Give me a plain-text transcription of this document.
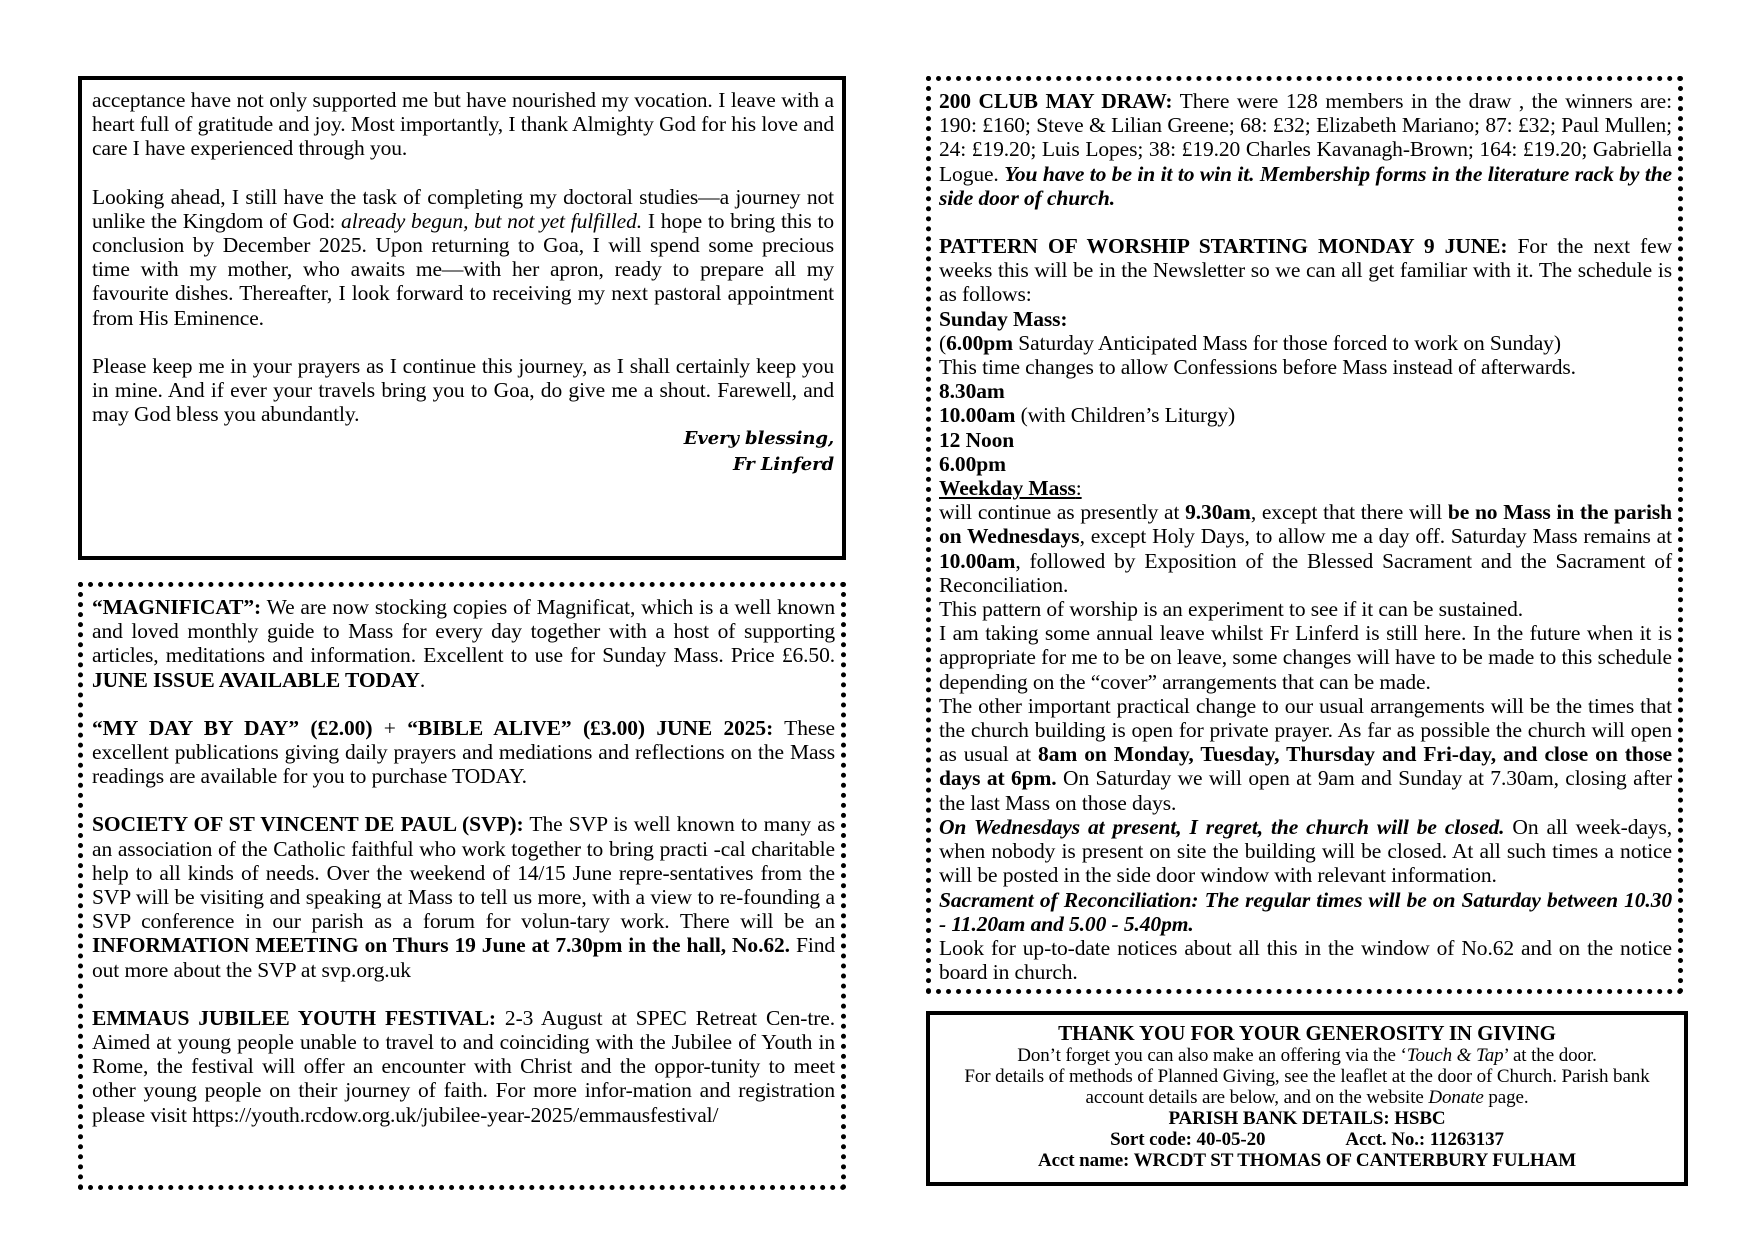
acceptance have not only supported me but have nourished my vocation. I leave with a heart full of gratitude and joy. Most importantly, I thank Almighty God for his love and care I have experienced through you.

Looking ahead, I still have the task of completing my doctoral studies—a journey not unlike the Kingdom of God: already begun, but not yet fulfilled. I hope to bring this to conclusion by December 2025. Upon returning to Goa, I will spend some precious time with my mother, who awaits me—with her apron, ready to prepare all my favourite dishes. Thereafter, I look forward to receiving my next pastoral appointment from His Eminence.

Please keep me in your prayers as I continue this journey, as I shall certainly keep you in mine. And if ever your travels bring you to Goa, do give me a shout. Farewell, and may God bless you abundantly.

Every blessing,
Fr Linferd

“MAGNIFICAT”: We are now stocking copies of Magnificat, which is a well known and loved monthly guide to Mass for every day together with a host of supporting articles, meditations and information. Excellent to use for Sunday Mass. Price £6.50. JUNE ISSUE AVAILABLE TODAY.

“MY DAY BY DAY” (£2.00) + “BIBLE ALIVE” (£3.00) JUNE 2025: These excellent publications giving daily prayers and mediations and reflections on the Mass readings are available for you to purchase TODAY.

SOCIETY OF ST VINCENT DE PAUL (SVP): The SVP is well known to many as an association of the Catholic faithful who work together to bring practi -cal charitable help to all kinds of needs. Over the weekend of 14/15 June repre-sentatives from the SVP will be visiting and speaking at Mass to tell us more, with a view to re-founding a SVP conference in our parish as a forum for volun-tary work. There will be an INFORMATION MEETING on Thurs 19 June at 7.30pm in the hall, No.62. Find out more about the SVP at svp.org.uk

EMMAUS JUBILEE YOUTH FESTIVAL: 2-3 August at SPEC Retreat Cen-tre. Aimed at young people unable to travel to and coinciding with the Jubilee of Youth in Rome, the festival will offer an encounter with Christ and the oppor-tunity to meet other young people on their journey of faith. For more infor-mation and registration please visit https://youth.rcdow.org.uk/jubilee-year-2025/emmausfestival/

200 CLUB MAY DRAW: There were 128 members in the draw , the winners are: 190: £160; Steve & Lilian Greene; 68: £32; Elizabeth Mariano; 87: £32; Paul Mullen; 24: £19.20; Luis Lopes; 38: £19.20 Charles Kavanagh-Brown; 164: £19.20; Gabriella Logue. You have to be in it to win it. Membership forms in the literature rack by the side door of church.

PATTERN OF WORSHIP STARTING MONDAY 9 JUNE: For the next few weeks this will be in the Newsletter so we can all get familiar with it. The schedule is as follows:

Sunday Mass:

(6.00pm Saturday Anticipated Mass for those forced to work on Sunday)

This time changes to allow Confessions before Mass instead of afterwards.

8.30am

10.00am (with Children’s Liturgy)

12 Noon

6.00pm

Weekday Mass:

will continue as presently at 9.30am, except that there will be no Mass in the parish on Wednesdays, except Holy Days, to allow me a day off. Saturday Mass remains at 10.00am, followed by Exposition of the Blessed Sacrament and the Sacrament of Reconciliation.

This pattern of worship is an experiment to see if it can be sustained.

I am taking some annual leave whilst Fr Linferd is still here. In the future when it is appropriate for me to be on leave, some changes will have to be made to this schedule depending on the “cover” arrangements that can be made.

The other important practical change to our usual arrangements will be the times that the church building is open for private prayer. As far as possible the church will open as usual at 8am on Monday, Tuesday, Thursday and Fri-day, and close on those days at 6pm. On Saturday we will open at 9am and Sunday at 7.30am, closing after the last Mass on those days.

On Wednesdays at present, I regret, the church will be closed. On all week-days, when nobody is present on site the building will be closed. At all such times a notice will be posted in the side door window with relevant information.

Sacrament of Reconciliation: The regular times will be on Saturday between 10.30 - 11.20am and 5.00 - 5.40pm.

Look for up-to-date notices about all this in the window of No.62 and on the notice board in church.

THANK YOU FOR YOUR GENEROSITY IN GIVING
Don’t forget you can also make an offering via the ‘Touch & Tap’ at the door.
For details of methods of Planned Giving, see the leaflet at the door of Church. Parish bank account details are below, and on the website Donate page.
PARISH BANK DETAILS: HSBC
Sort code: 40-05-20	Acct. No.: 11263137
Acct name: WRCDT ST THOMAS OF CANTERBURY FULHAM
